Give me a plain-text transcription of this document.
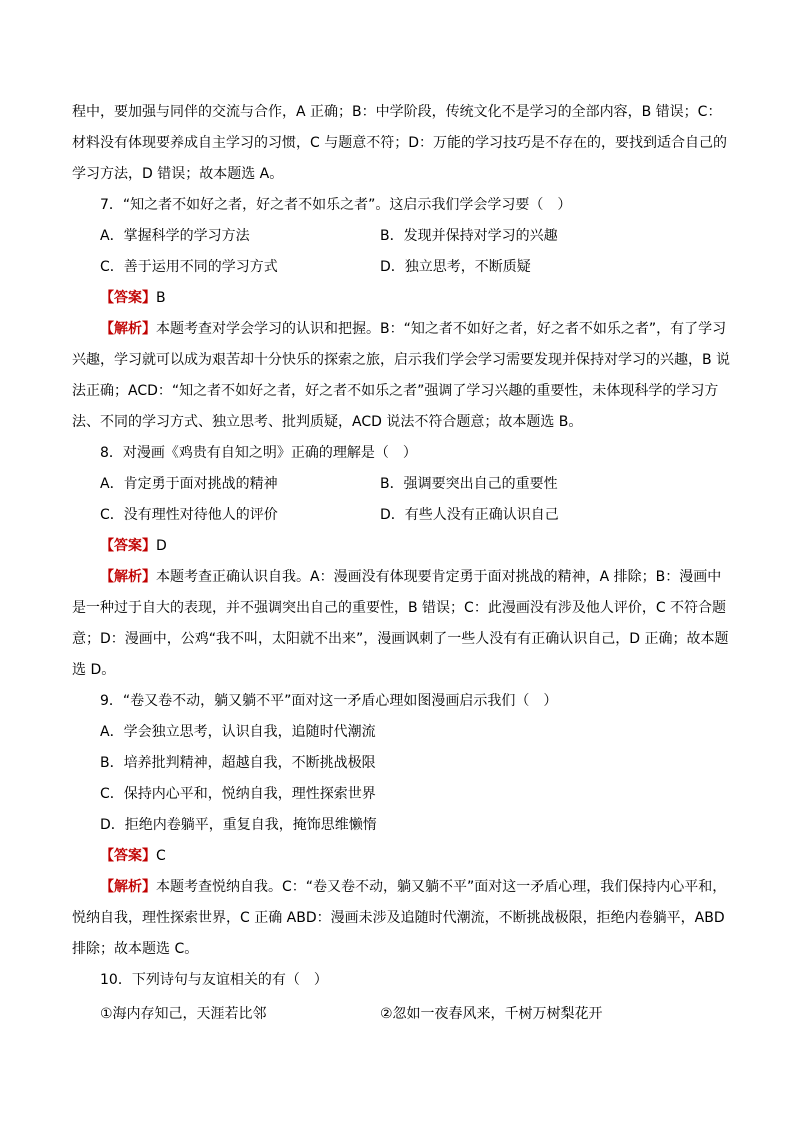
程中，要加强与同伴的交流与合作，A 正确；B：中学阶段，传统文化不是学习的全部内容，B 错误；C：
材料没有体现要养成自主学习的习惯，C 与题意不符；D：万能的学习技巧是不存在的，要找到适合自己的
学习方法，D 错误；故本题选 A。
7．“知之者不如好之者，好之者不如乐之者”。这启示我们学会学习要（　）
A．掌握科学的学习方法	B．发现并保持对学习的兴趣
C．善于运用不同的学习方式	D．独立思考，不断质疑
【答案】B
【解析】本题考查对学会学习的认识和把握。B：“知之者不如好之者，好之者不如乐之者”，有了学习
兴趣，学习就可以成为艰苦却十分快乐的探索之旅，启示我们学会学习需要发现并保持对学习的兴趣，B 说
法正确；ACD：“知之者不如好之者，好之者不如乐之者”强调了学习兴趣的重要性，未体现科学的学习方
法、不同的学习方式、独立思考、批判质疑，ACD 说法不符合题意；故本题选 B。
8．对漫画《鸡贵有自知之明》正确的理解是（　）
A．肯定勇于面对挑战的精神	B．强调要突出自己的重要性
C．没有理性对待他人的评价	D．有些人没有正确认识自己
【答案】D
【解析】本题考查正确认识自我。A：漫画没有体现要肯定勇于面对挑战的精神，A 排除；B：漫画中
是一种过于自大的表现，并不强调突出自己的重要性，B 错误；C：此漫画没有涉及他人评价，C 不符合题
意；D：漫画中，公鸡“我不叫，太阳就不出来”，漫画讽刺了一些人没有有正确认识自己，D 正确；故本题
选 D。
9．“卷又卷不动，躺又躺不平”面对这一矛盾心理如图漫画启示我们（　）
A．学会独立思考，认识自我，追随时代潮流
B．培养批判精神，超越自我，不断挑战极限
C．保持内心平和，悦纳自我，理性探索世界
D．拒绝内卷躺平，重复自我，掩饰思维懒惰
【答案】C
【解析】本题考查悦纳自我。C：“卷又卷不动，躺又躺不平”面对这一矛盾心理，我们保持内心平和，
悦纳自我，理性探索世界，C 正确 ABD：漫画未涉及追随时代潮流，不断挑战极限，拒绝内卷躺平，ABD
排除；故本题选 C。
10．下列诗句与友谊相关的有（　）
①海内存知己，天涯若比邻	②忽如一夜春风来，千树万树梨花开
